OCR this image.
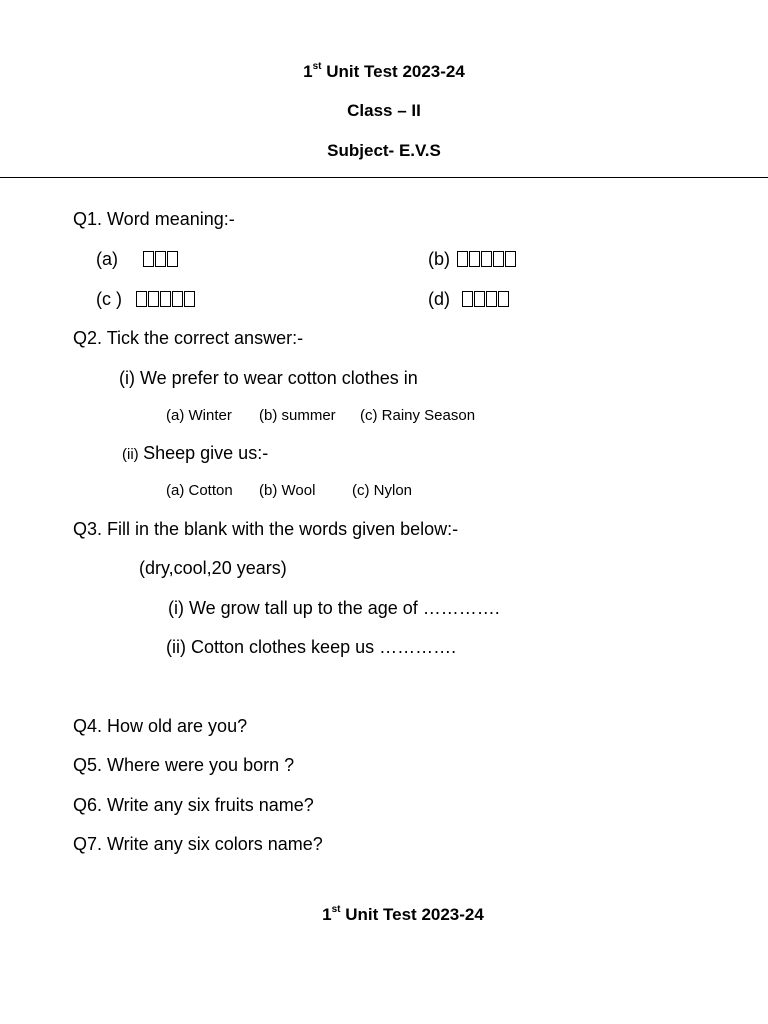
1st Unit Test 2023-24
Class – II
Subject- E.V.S
Q1. Word meaning:-
(a)	(b)
(c )	(d)
Q2. Tick the correct answer:-
(i) We prefer to wear cotton clothes in
(a) Winter (b) summer (c) Rainy Season
(ii) Sheep give us:-
(a) Cotton (b) Wool (c) Nylon
Q3. Fill in the blank with the words given below:-
(dry,cool,20 years)
(i) We grow tall up to the age of ………….
(ii) Cotton clothes keep us ………….
Q4. How old are you?
Q5. Where were you born ?
Q6. Write any six fruits name?
Q7. Write any six colors name?
1st Unit Test 2023-24
